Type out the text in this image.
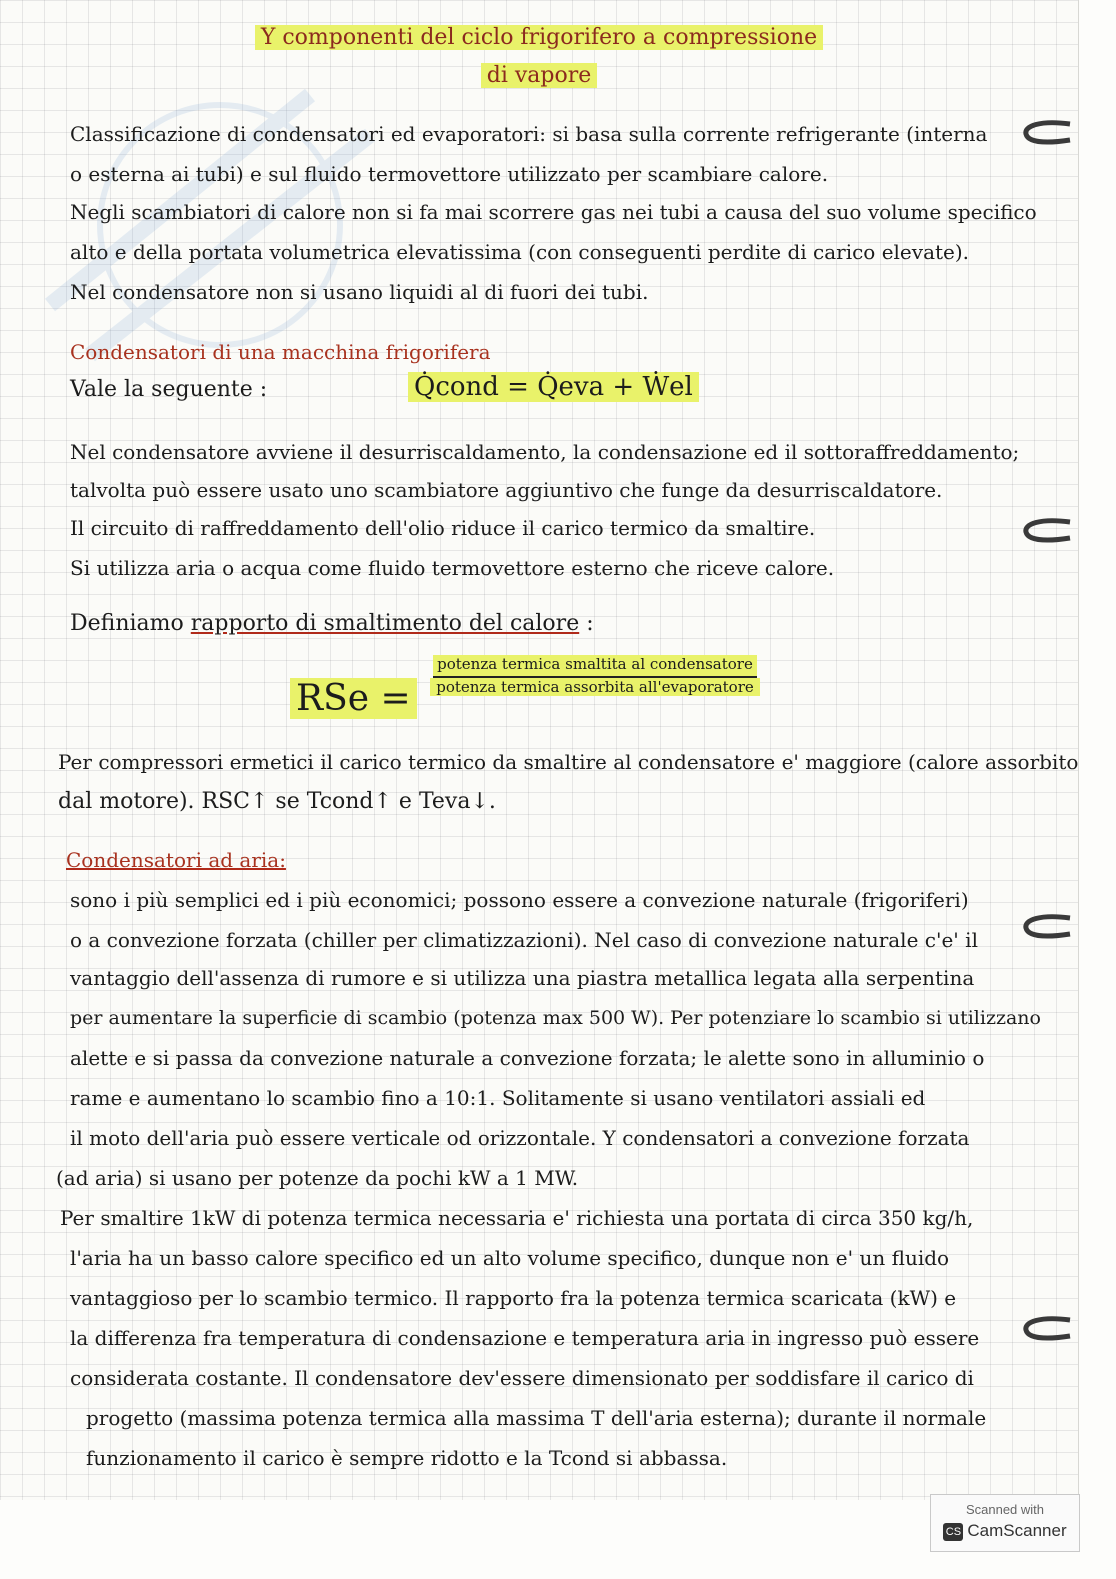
Y componenti del ciclo frigorifero a compressione
di vapore
Classificazione di condensatori ed evaporatori: si basa sulla corrente refrigerante (interna
o esterna ai tubi) e sul fluido termovettore utilizzato per scambiare calore.
Negli scambiatori di calore non si fa mai scorrere gas nei tubi a causa del suo volume specifico
alto e della portata volumetrica elevatissima (con conseguenti perdite di carico elevate).
Nel condensatore non si usano liquidi al di fuori dei tubi.
Condensatori di una macchina frigorifera
Vale la seguente :	Q̇cond = Q̇eva + Ẇel
Nel condensatore avviene il desurriscaldamento, la condensazione ed il sottoraffreddamento;
talvolta può essere usato uno scambiatore aggiuntivo che funge da desurriscaldatore.
Il circuito di raffreddamento dell'olio riduce il carico termico da smaltire.
Si utilizza aria o acqua come fluido termovettore esterno che riceve calore.
Definiamo rapporto di smaltimento del calore :
RSe =
potenza termica smaltita al condensatore
potenza termica assorbita all'evaporatore
Per compressori ermetici il carico termico da smaltire al condensatore e' maggiore (calore assorbito
dal motore). RSC↑ se Tcond↑ e Teva↓.
Condensatori ad aria:
sono i più semplici ed i più economici; possono essere a convezione naturale (frigoriferi)
o a convezione forzata (chiller per climatizzazioni). Nel caso di convezione naturale c'e' il
vantaggio dell'assenza di rumore e si utilizza una piastra metallica legata alla serpentina
per aumentare la superficie di scambio (potenza max 500 W). Per potenziare lo scambio si utilizzano
alette e si passa da convezione naturale a convezione forzata; le alette sono in alluminio o
rame e aumentano lo scambio fino a 10:1. Solitamente si usano ventilatori assiali ed
il moto dell'aria può essere verticale od orizzontale. Y condensatori a convezione forzata
(ad aria) si usano per potenze da pochi kW a 1 MW.
Per smaltire 1kW di potenza termica necessaria e' richiesta una portata di circa 350 kg/h,
l'aria ha un basso calore specifico ed un alto volume specifico, dunque non e' un fluido
vantaggioso per lo scambio termico. Il rapporto fra la potenza termica scaricata (kW) e
la differenza fra temperatura di condensazione e temperatura aria in ingresso può essere
considerata costante. Il condensatore dev'essere dimensionato per soddisfare il carico di
progetto (massima potenza termica alla massima T dell'aria esterna); durante il normale
funzionamento il carico è sempre ridotto e la Tcond si abbassa.
Scanned with
CS CamScanner
